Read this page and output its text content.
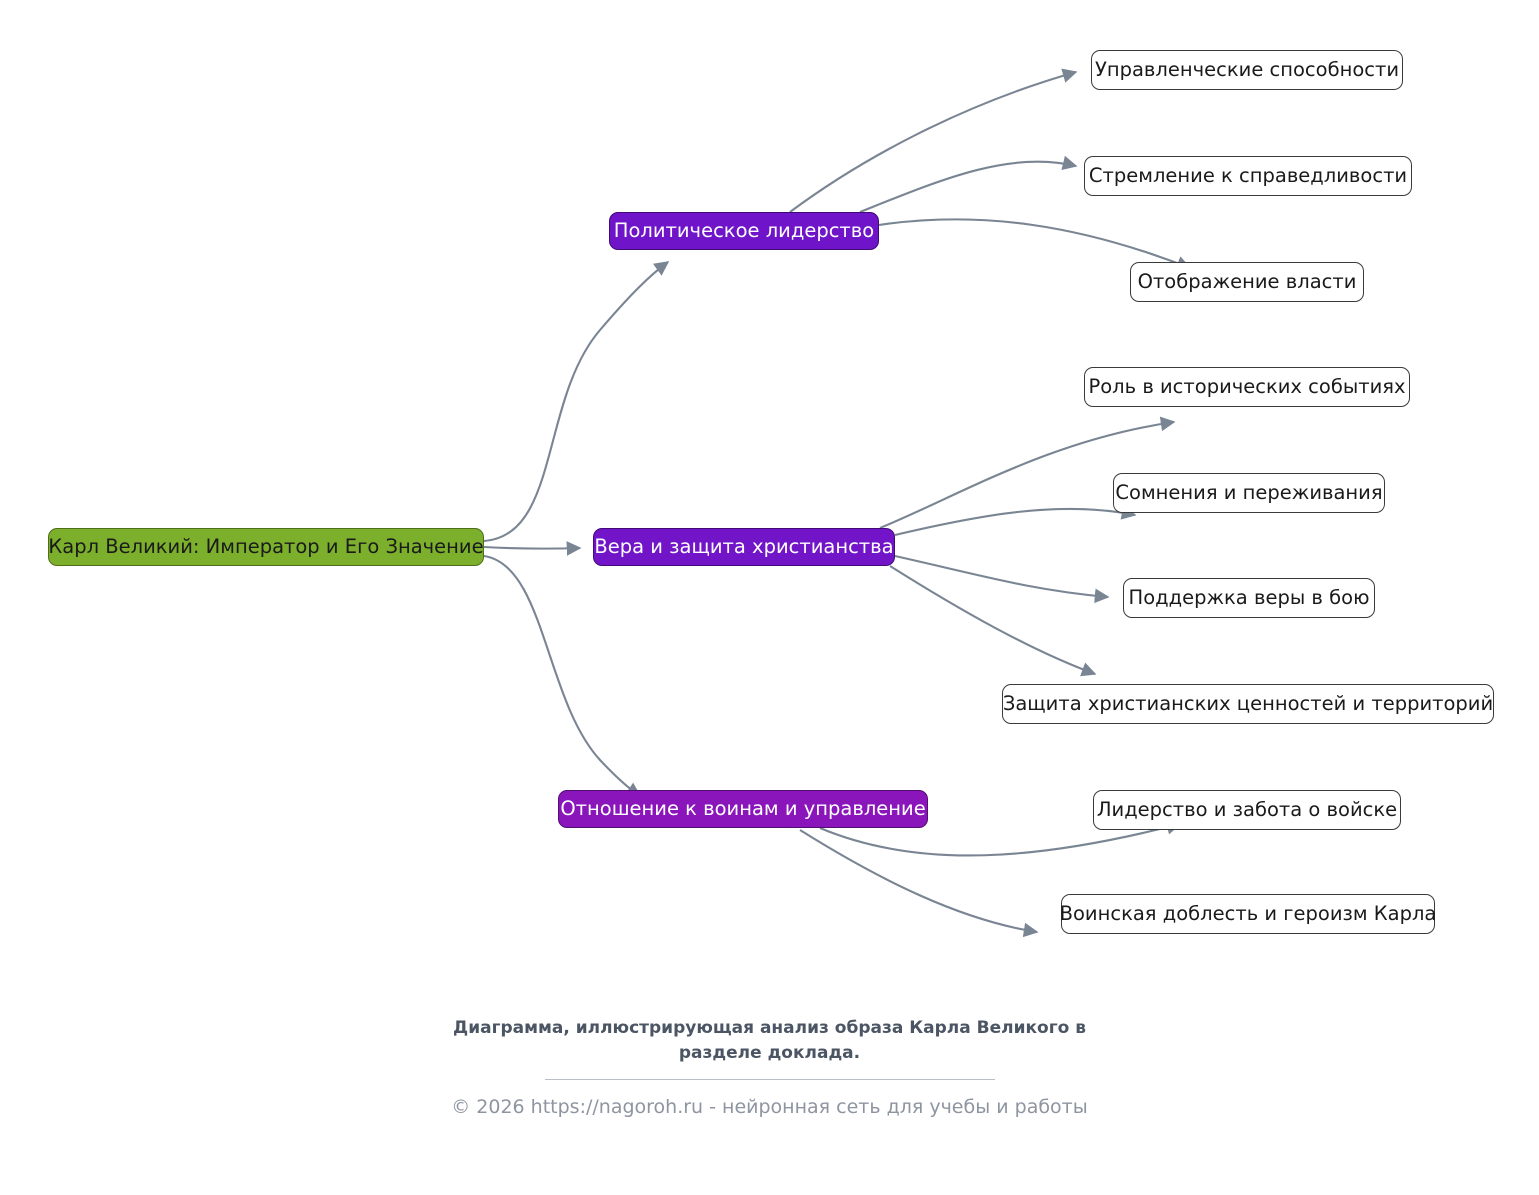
Карл Великий: Император и Его Значение
Политическое лидерство
Управленческие способности
Стремление к справедливости
Отображение власти
Вера и защита христианства
Роль в исторических событиях
Сомнения и переживания
Поддержка веры в бою
Защита христианских ценностей и территорий
Отношение к воинам и управление	Лидерство и забота о войске
Воинская доблесть и героизм Карла
Диаграмма, иллюстрирующая анализ образа Карла Великого в разделе доклада.
© 2026 https://nagoroh.ru - нейронная сеть для учебы и работы
